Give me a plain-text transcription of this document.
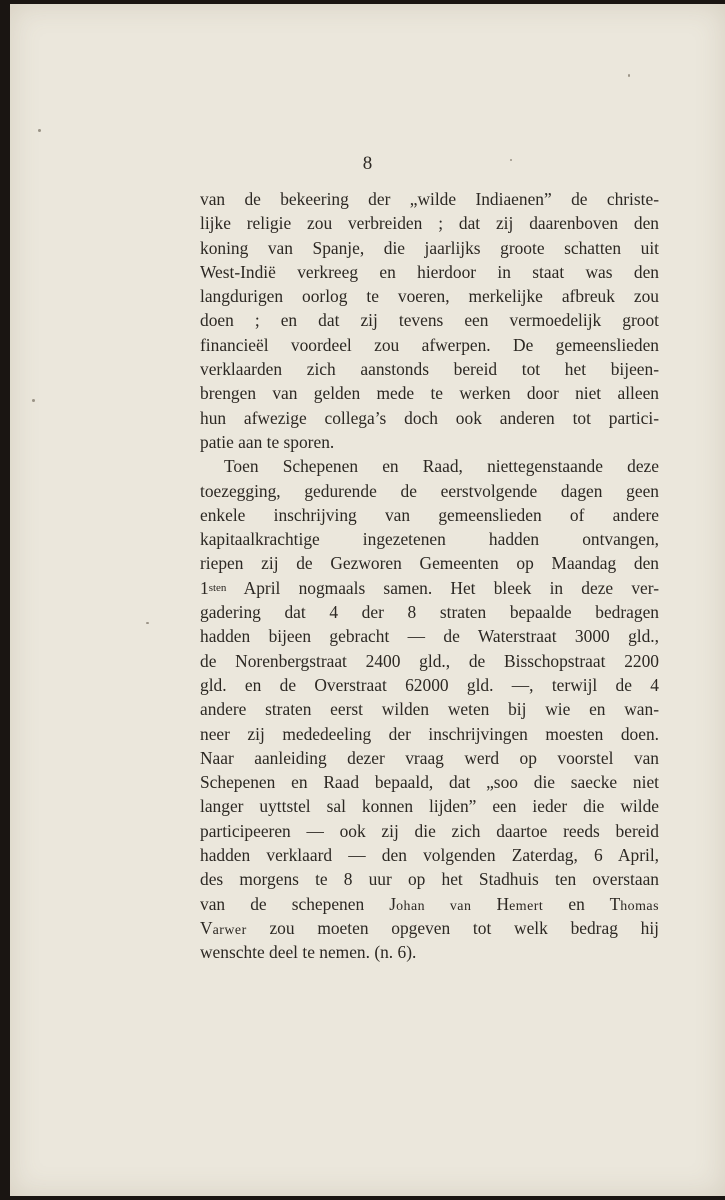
8
van de bekeering der „wilde Indiaenen” de christe-
lijke religie zou verbreiden ; dat zij daarenboven den
koning van Spanje, die jaarlijks groote schatten uit
West-Indië verkreeg en hierdoor in staat was den
langdurigen oorlog te voeren, merkelijke afbreuk zou
doen ; en dat zij tevens een vermoedelijk groot
financieël voordeel zou afwerpen. De gemeenslieden
verklaarden zich aanstonds bereid tot het bijeen-
brengen van gelden mede te werken door niet alleen
hun afwezige collega’s doch ook anderen tot partici-
patie aan te sporen.
Toen Schepenen en Raad, niettegenstaande deze
toezegging, gedurende de eerstvolgende dagen geen
enkele inschrijving van gemeenslieden of andere
kapitaalkrachtige ingezetenen hadden ontvangen,
riepen zij de Gezworen Gemeenten op Maandag den
$1^{sten}$ April nogmaals samen. Het bleek in deze ver-
gadering dat 4 der 8 straten bepaalde bedragen
hadden bijeen gebracht — de Waterstraat 3000 gld.,
de Norenbergstraat 2400 gld., de Bisschopstraat 2200
gld. en de Overstraat 62000 gld. —, terwijl de 4
andere straten eerst wilden weten bij wie en wan-
neer zij mededeeling der inschrijvingen moesten doen.
Naar aanleiding dezer vraag werd op voorstel van
Schepenen en Raad bepaald, dat „soo die saecke niet
langer uyttstel sal konnen lijden” een ieder die wilde
participeeren — ook zij die zich daartoe reeds bereid
hadden verklaard — den volgenden Zaterdag, 6 April,
des morgens te 8 uur op het Stadhuis ten overstaan
van de schepenen Johan van Hemert en Thomas
Varwer zou moeten opgeven tot welk bedrag hij
wenschte deel te nemen. (n. 6).
